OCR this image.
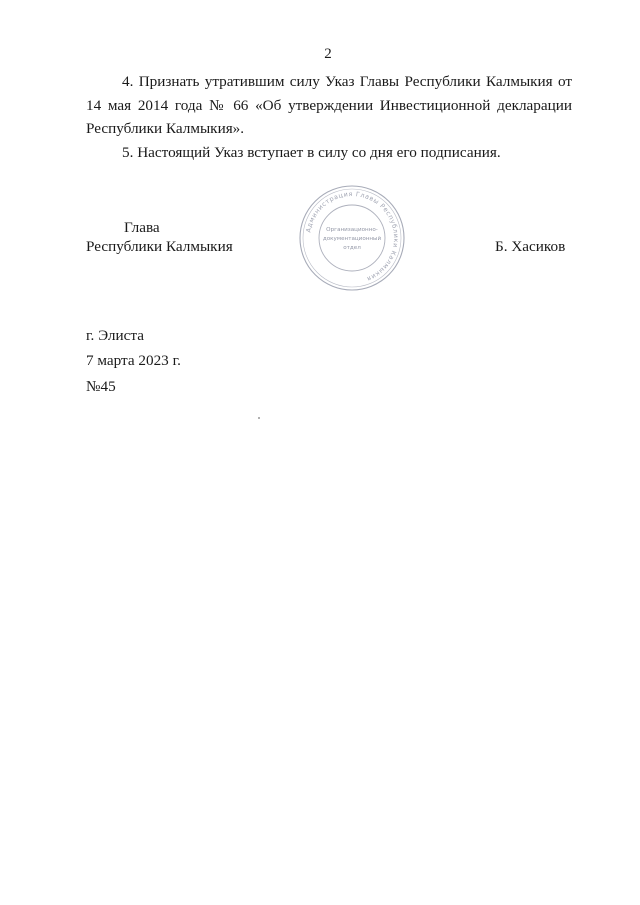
2

4. Признать утратившим силу Указ Главы Республики Калмыкия от 14 мая 2014 года № 66 «Об утверждении Инвестиционной декларации Республики Калмыкия».

5. Настоящий Указ вступает в силу со дня его подписания.

Глава
Республики Калмыкия	Б. Хасиков
Администрация Главы Республики Калмыкия
Организационно-
документационный
отдел
г. Элиста
7 марта 2023 г.
№45
